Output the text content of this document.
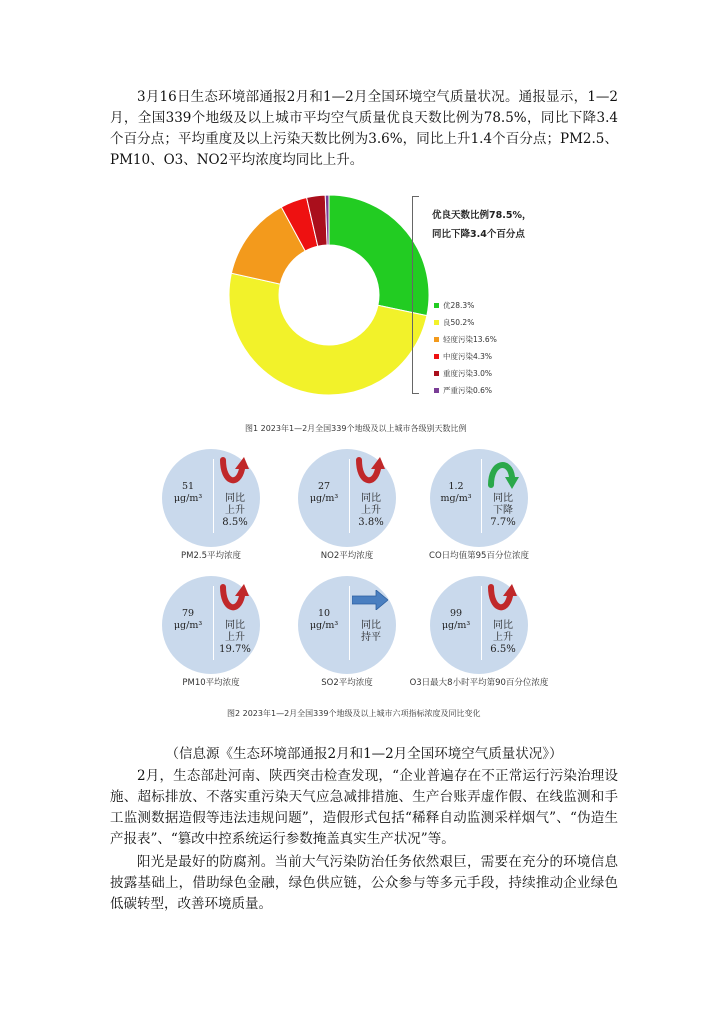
3月16日生态环境部通报2月和1—2月全国环境空气质量状况。通报显示，1—2月，全国339个地级及以上城市平均空气质量优良天数比例为78.5%，同比下降3.4个百分点；平均重度及以上污染天数比例为3.6%，同比上升1.4个百分点；PM2.5、PM10、O3、NO2平均浓度均同比上升。

优良天数比例78.5%，
同比下降3.4个百分点
优28.3%
良50.2%
轻度污染13.6%
中度污染4.3%
重度污染3.0%
严重污染0.6%
图1 2023年1—2月全国339个地级及以上城市各级别天数比例
51
μg/m³	同比
上升
8.5%
PM2.5平均浓度
27
μg/m³	同比
上升
3.8%
NO2平均浓度
1.2
mg/m³	同比
下降
7.7%
CO日均值第95百分位浓度
79
μg/m³	同比
上升
19.7%
PM10平均浓度
10
μg/m³	同比
持平
SO2平均浓度
99
μg/m³	同比
上升
6.5%
O3日最大8小时平均第90百分位浓度
图2 2023年1—2月全国339个地级及以上城市六项指标浓度及同比变化

（信息源《生态环境部通报2月和1—2月全国环境空气质量状况》）

2月，生态部赴河南、陕西突击检查发现，“企业普遍存在不正常运行污染治理设施、超标排放、不落实重污染天气应急减排措施、生产台账弄虚作假、在线监测和手工监测数据造假等违法违规问题”，造假形式包括“稀释自动监测采样烟气”、“伪造生产报表”、“篡改中控系统运行参数掩盖真实生产状况”等。

阳光是最好的防腐剂。当前大气污染防治任务依然艰巨，需要在充分的环境信息披露基础上，借助绿色金融，绿色供应链，公众参与等多元手段，持续推动企业绿色低碳转型，改善环境质量。
